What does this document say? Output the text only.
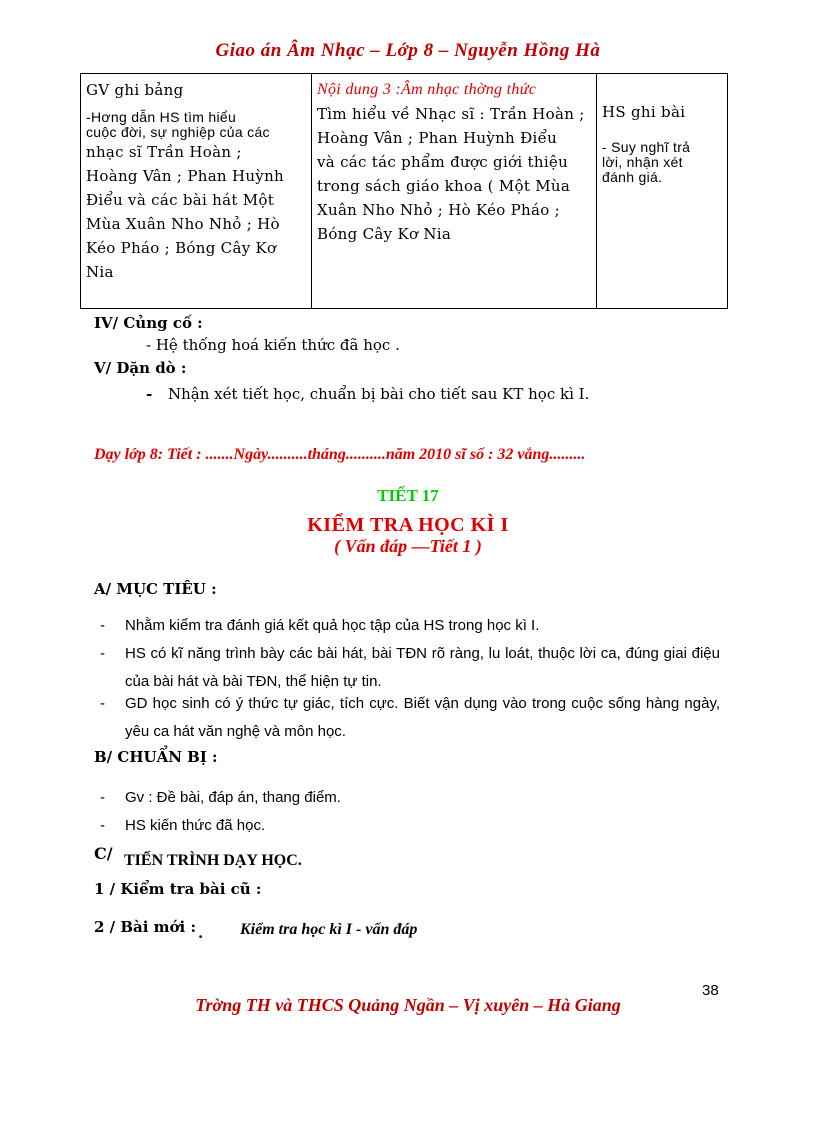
Giao án Âm Nhạc – Lớp 8 – Nguyễn Hồng Hà
GV ghi bảng
-Hơng dẫn HS tìm hiểu
cuộc đời, sự nghiệp của các
nhạc sĩ Trần Hoàn ;
Hoàng Vân ; Phan Huỳnh
Điểu và các bài hát Một
Mùa Xuân Nho Nhỏ ; Hò
Kéo Pháo ; Bóng Cây Kơ
Nia

Nội dung 3 :Âm nhạc thờng thức
Tìm hiểu về Nhạc sĩ : Trần Hoàn ;
Hoàng Vân ; Phan Huỳnh Điểu
và các tác phẩm được giới thiệu
trong sách giáo khoa ( Một Mùa
Xuân Nho Nhỏ ; Hò Kéo Pháo ;
Bóng Cây Kơ Nia

HS ghi bài
- Suy nghĩ trả
lời, nhận xét
đánh giá.
IV/ Củng cố :
- Hệ thống hoá kiến thức đã học .
V/ Dặn dò :
- Nhận xét tiết học, chuẩn bị bài cho tiết sau KT học kì I.
Dạy lớp 8: Tiết : .......Ngày..........tháng..........năm 2010 sĩ số : 32 vắng.........
TIẾT 17
KIỂM TRA HỌC KÌ I
( Vấn đáp —Tiết 1 )
A/ MỤC TIÊU :
- Nhằm kiểm tra đánh giá kết quả học tập của HS trong học kì I.
- HS có kĩ năng trình bày các bài hát, bài TĐN rõ ràng, lu loát, thuộc lời ca, đúng giai điệu của bài hát và bài TĐN, thể hiện tự tin.
- GD học sinh có ý thức tự giác, tích cực. Biết vận dụng vào trong cuộc sống hàng ngày, yêu ca hát văn nghệ và môn học.
B/ CHUẨN BỊ :
- Gv : Đề bài, đáp án, thang điểm.
- HS kiến thức đã học.
C/ TIẾN TRÌNH DẠY HỌC.
1 / Kiểm tra bài cũ :
2 / Bài mới : . Kiểm tra học kì I - vấn đáp
38
Trờng TH và THCS Quảng Ngần – Vị xuyên – Hà Giang
